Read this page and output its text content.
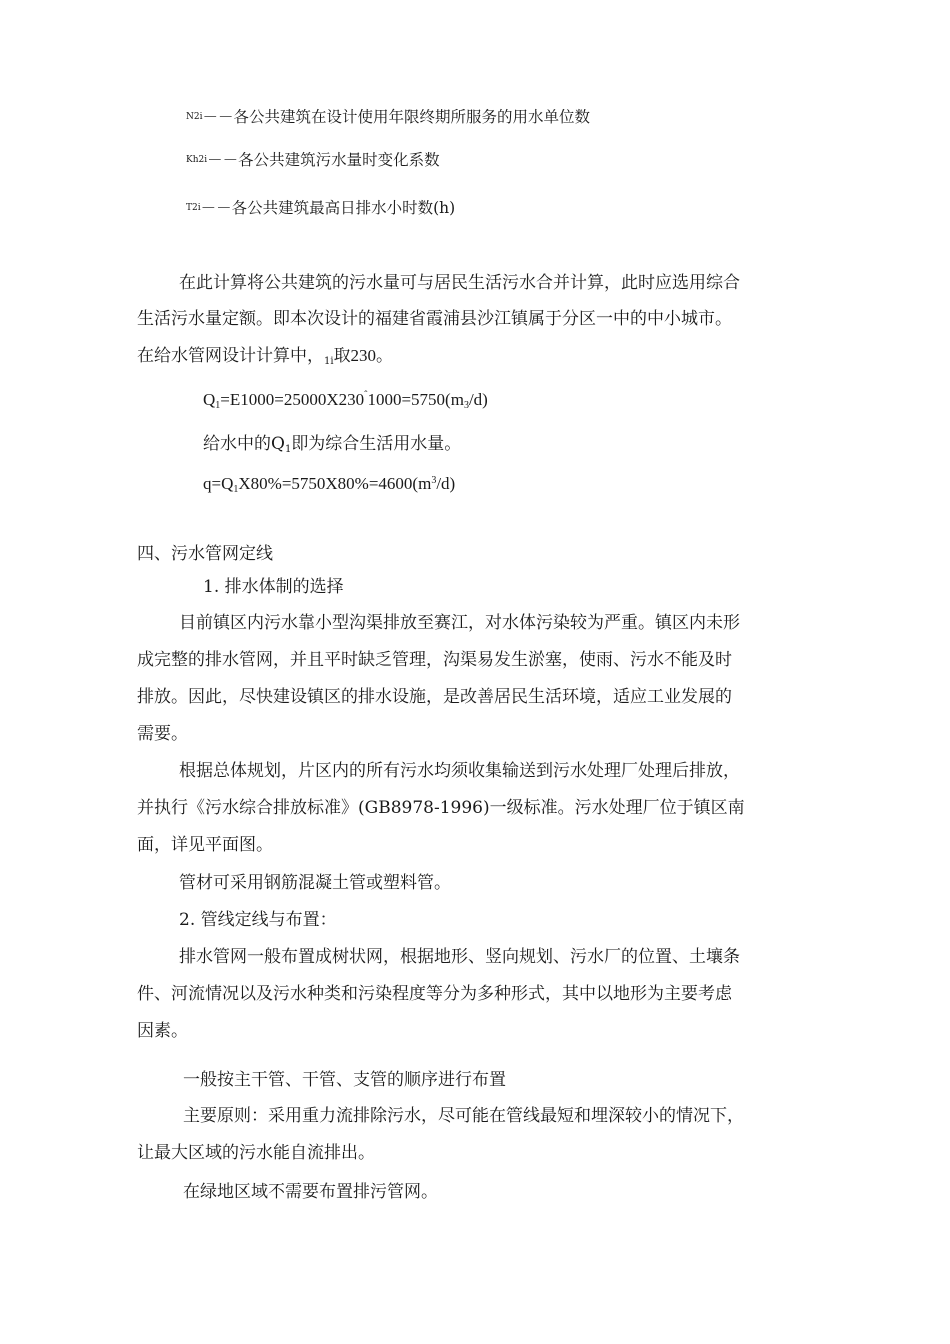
N2i－－各公共建筑在设计使用年限终期所服务的用水单位数
Kh2i－－各公共建筑污水量时变化系数
T2i－－各公共建筑最高日排水小时数(h)
在此计算将公共建筑的污水量可与居民生活污水合并计算，此时应选用综合
生活污水量定额。即本次设计的福建省霞浦县沙江镇属于分区一中的中小城市。
在给水管网设计计算中，$_{1i}$取230。
$Q_1=E1000=25000X230^ˆ1000=5750(m_3/d)$
给水中的$Q_1$即为综合生活用水量。
$q=Q_1X80\%=5750X80\%=4600(m^3/d)$
四、污水管网定线
1. 排水体制的选择
目前镇区内污水靠小型沟渠排放至赛江，对水体污染较为严重。镇区内未形
成完整的排水管网，并且平时缺乏管理，沟渠易发生淤塞，使雨、污水不能及时
排放。因此，尽快建设镇区的排水设施，是改善居民生活环境，适应工业发展的
需要。
根据总体规划，片区内的所有污水均须收集输送到污水处理厂处理后排放，
并执行《污水综合排放标准》(GB8978-1996)一级标准。污水处理厂位于镇区南
面，详见平面图。
管材可采用钢筋混凝土管或塑料管。
2. 管线定线与布置：
排水管网一般布置成树状网，根据地形、竖向规划、污水厂的位置、土壤条
件、河流情况以及污水种类和污染程度等分为多种形式，其中以地形为主要考虑
因素。
一般按主干管、干管、支管的顺序进行布置
主要原则：采用重力流排除污水，尽可能在管线最短和埋深较小的情况下，
让最大区域的污水能自流排出。
在绿地区域不需要布置排污管网。
